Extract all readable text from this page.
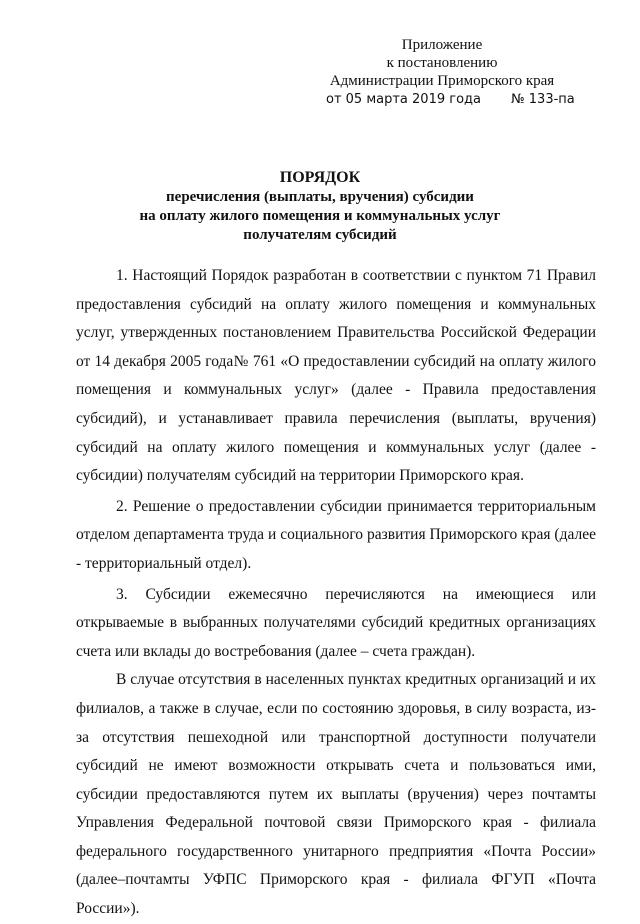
Приложение
к постановлению
Администрации Приморского края
от 05 марта 2019 года № 133-па
ПОРЯДОК
перечисления (выплаты, вручения) субсидии
на оплату жилого помещения и коммунальных услуг
получателям субсидий

1. Настоящий Порядок разработан в соответствии с пунктом 71 Правил предоставления субсидий на оплату жилого помещения и коммунальных услуг, утвержденных постановлением Правительства Российской Федерации от 14 декабря 2005 года№ 761 «О предоставлении субсидий на оплату жилого помещения и коммунальных услуг» (далее - Правила предоставления субсидий), и устанавливает правила перечисления (выплаты, вручения) субсидий на оплату жилого помещения и коммунальных услуг (далее - субсидии) получателям субсидий на территории Приморского края.

2. Решение о предоставлении субсидии принимается территориальным отделом департамента труда и социального развития Приморского края (далее - территориальный отдел).

3. Субсидии ежемесячно перечисляются на имеющиеся или открываемые в выбранных получателями субсидий кредитных организациях счета или вклады до востребования (далее – счета граждан).

В случае отсутствия в населенных пунктах кредитных организаций и их филиалов, а также в случае, если по состоянию здоровья, в силу возраста, из-за отсутствия пешеходной или транспортной доступности получатели субсидий не имеют возможности открывать счета и пользоваться ими, субсидии предоставляются путем их выплаты (вручения) через почтамты Управления Федеральной почтовой связи Приморского края - филиала федерального государственного унитарного предприятия «Почта России» (далее–почтамты УФПС Приморского края - филиала ФГУП «Почта России»).
